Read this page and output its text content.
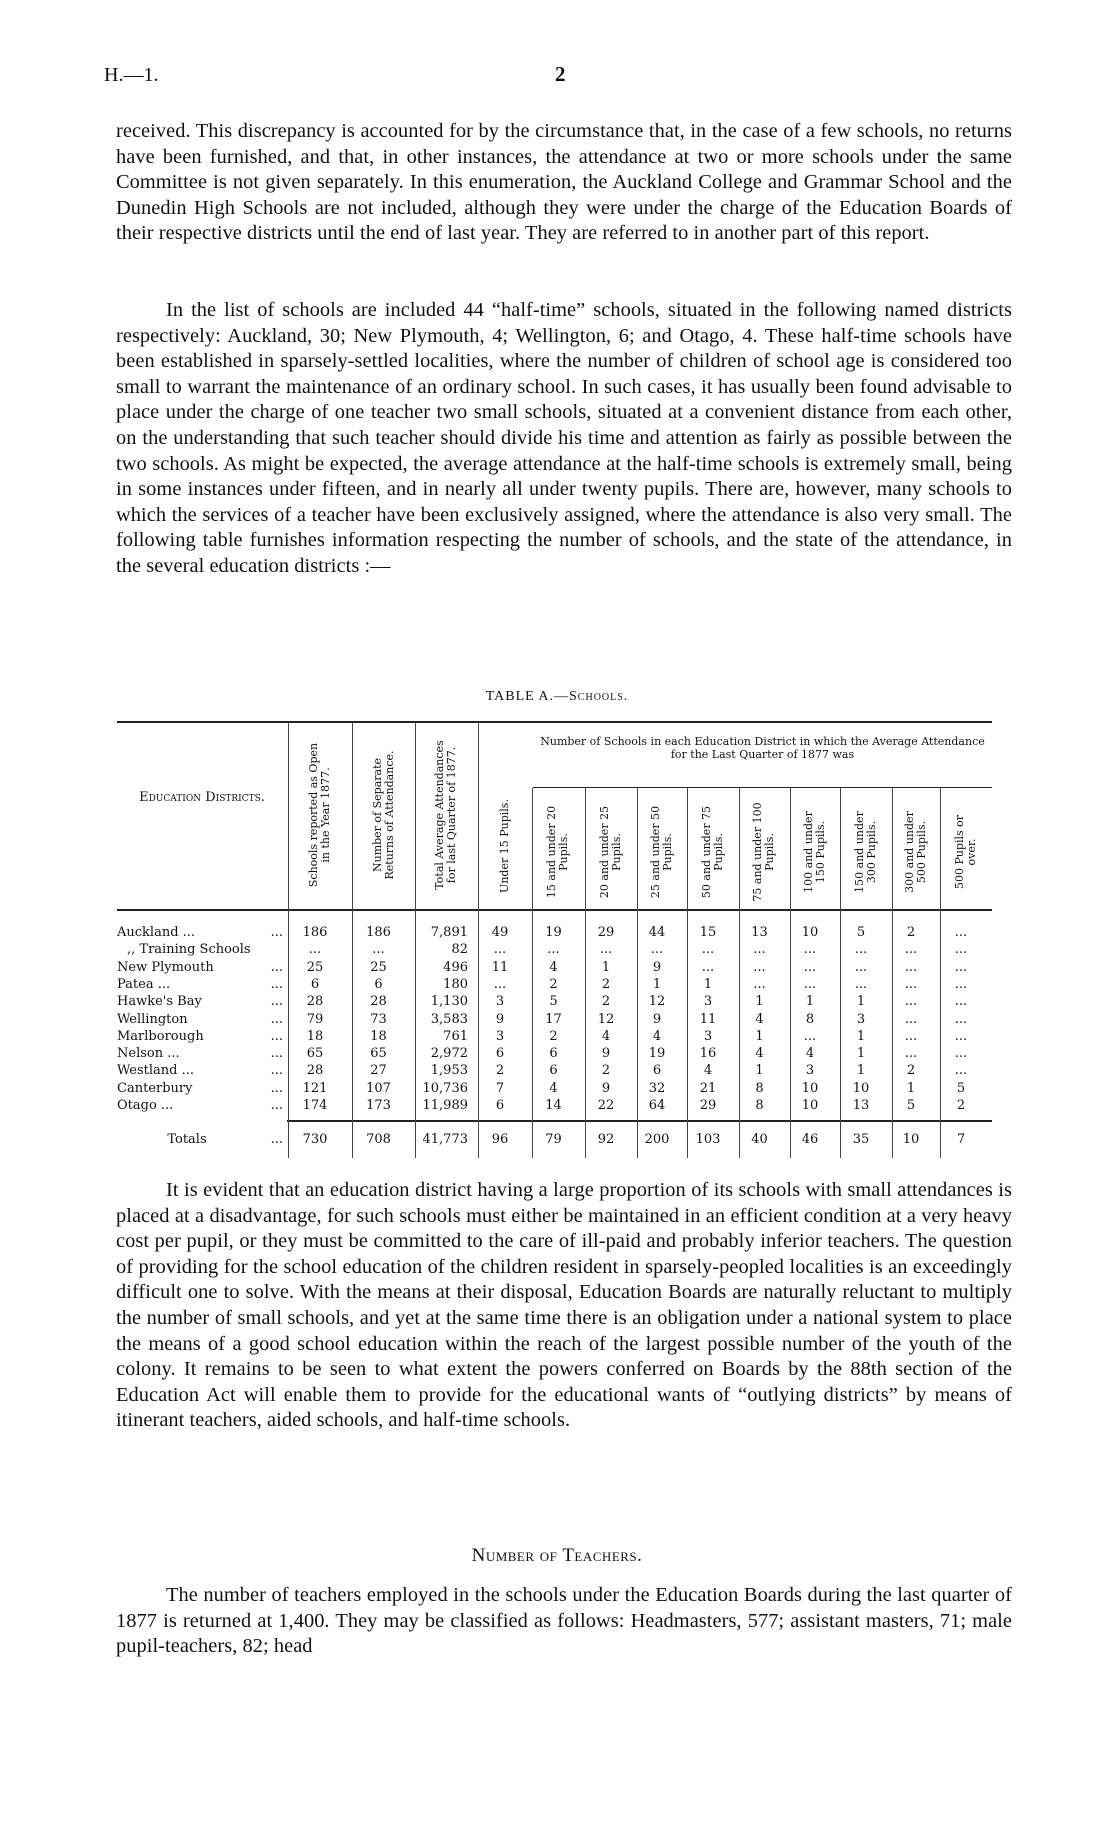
H.—1.	2
received. This discrepancy is accounted for by the circumstance that, in the case of a few schools, no returns have been furnished, and that, in other instances, the attendance at two or more schools under the same Committee is not given separately. In this enumeration, the Auckland College and Grammar School and the Dunedin High Schools are not included, although they were under the charge of the Education Boards of their respective districts until the end of last year. They are referred to in another part of this report.
In the list of schools are included 44 “half-time” schools, situated in the following named districts respectively: Auckland, 30; New Plymouth, 4; Wellington, 6; and Otago, 4. These half-time schools have been established in sparsely-settled localities, where the number of children of school age is considered too small to warrant the maintenance of an ordinary school. In such cases, it has usually been found advisable to place under the charge of one teacher two small schools, situated at a convenient distance from each other, on the understanding that such teacher should divide his time and attention as fairly as possible between the two schools. As might be expected, the average attendance at the half-time schools is extremely small, being in some instances under fifteen, and in nearly all under twenty pupils. There are, however, many schools to which the services of a teacher have been exclusively assigned, where the attendance is also very small. The following table furnishes information respecting the number of schools, and the state of the attendance, in the several education districts :—
TABLE A.—Schools.
Education Districts.
Number of Schools in each Education District in which the Average Attendance for the Last Quarter of 1877 was
Schools reported as Open in the Year 1877.	Number of Separate Returns of Attendance.	Total Average Attendances for last Quarter of 1877.	Under 15 Pupils.	15 and under 20 Pupils.	20 and under 25 Pupils. 25 and under 50 Pupils. 50 and under 75 Pupils. 75 and under 100 Pupils. 100 and under 150 Pupils. 150 and under 300 Pupils. 300 and under 500 Pupils. 500 Pupils or over.
Auckland ...	...	186	186	7,891	49	19	29	44	15	13	10	5	2	...
,, Training Schools	...	...	82	...	...	...	...	...	...	...	...	...	...
New Plymouth	...	25	25	496	11	4	1	9	...	...	...	...	...	...
Patea ...	...	6	6	180	...	2	2	1	1	...	...	...	...	...
Hawke's Bay	...	28	28	1,130	3	5	2	12	3	1	1	1	...	...
Wellington	...	79	73	3,583	9	17	12	9	11	4	8	3	...	...
Marlborough	...	18	18	761	3	2	4	4	3	1	...	1	...	...
Nelson ...	...	65	65	2,972	6	6	9	19	16	4	4	1	...	...
Westland ...	...	28	27	1,953	2	6	2	6	4	1	3	1	2	...
Canterbury	...	121	107	10,736	7	4	9	32	21	8	10	10	1	5
Otago ...	...	174	173	11,989	6	14	22	64	29	8	10	13	5	2
Totals	...	730	708	41,773	96	79	92	200	103	40	46	35	10	7
It is evident that an education district having a large proportion of its schools with small attendances is placed at a disadvantage, for such schools must either be maintained in an efficient condition at a very heavy cost per pupil, or they must be committed to the care of ill-paid and probably inferior teachers. The question of providing for the school education of the children resident in sparsely-peopled localities is an exceedingly difficult one to solve. With the means at their disposal, Education Boards are naturally reluctant to multiply the number of small schools, and yet at the same time there is an obligation under a national system to place the means of a good school education within the reach of the largest possible number of the youth of the colony. It remains to be seen to what extent the powers conferred on Boards by the 88th section of the Education Act will enable them to provide for the educational wants of “outlying districts” by means of itinerant teachers, aided schools, and half-time schools.
Number of Teachers.
The number of teachers employed in the schools under the Education Boards during the last quarter of 1877 is returned at 1,400. They may be classified as follows: Headmasters, 577; assistant masters, 71; male pupil-teachers, 82; head
